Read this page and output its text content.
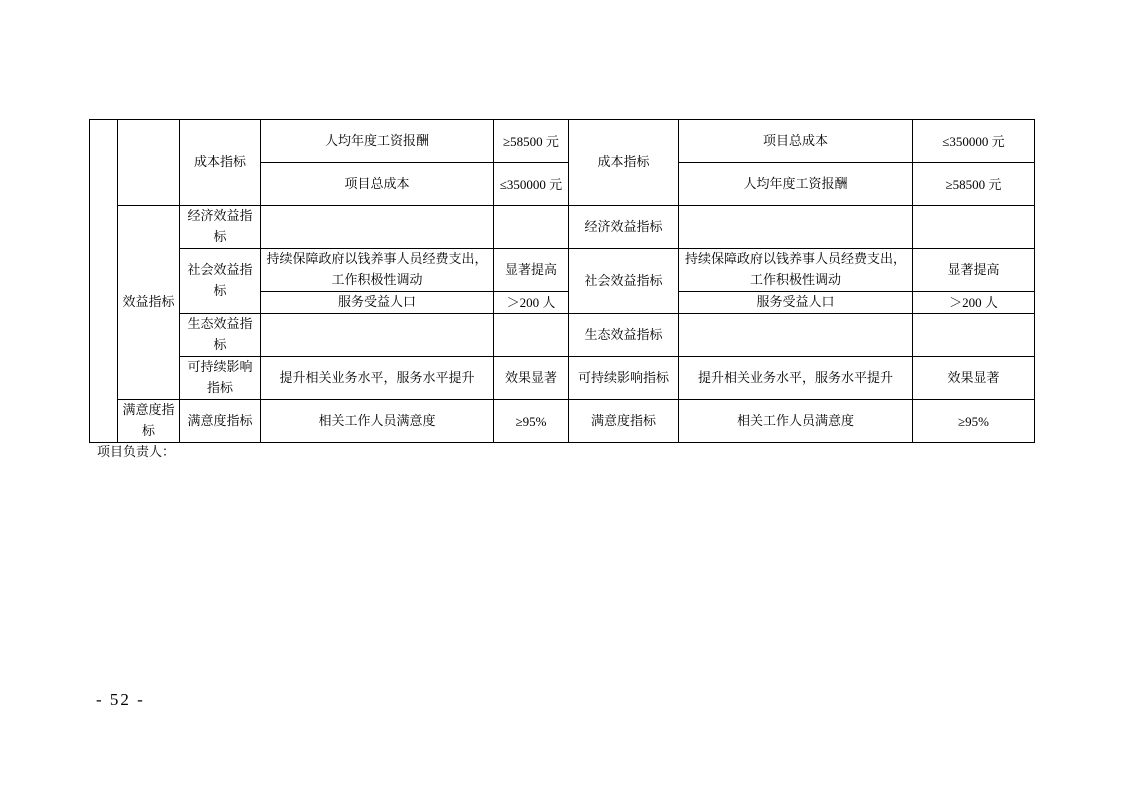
		成本指标	人均年度工资报酬	≥58500 元	成本指标	项目总成本	≤350000 元
			项目总成本	≤350000 元		人均年度工资报酬	≥58500 元
	效益指标	经济效益指标			经济效益指标		
		社会效益指标	持续保障政府以钱养事人员经费支出，工作积极性调动	显著提高	社会效益指标	持续保障政府以钱养事人员经费支出，工作积极性调动	显著提高
			服务受益人口	＞200 人		服务受益人口	＞200 人
		生态效益指标			生态效益指标		
		可持续影响指标	提升相关业务水平，服务水平提升	效果显著	可持续影响指标	提升相关业务水平，服务水平提升	效果显著
	满意度指标	满意度指标	相关工作人员满意度	≥95%	满意度指标	相关工作人员满意度	≥95%
项目负责人：
- 52 -
